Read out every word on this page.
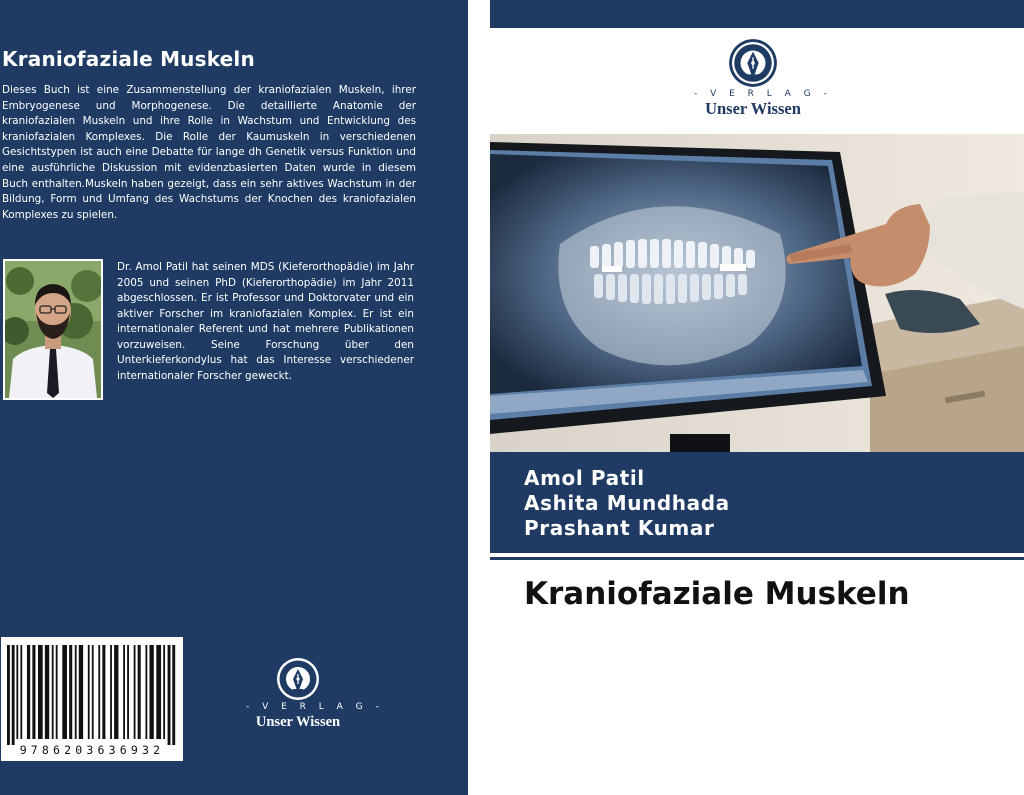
Kraniofaziale Muskeln
Dieses Buch ist eine Zusammenstellung der kraniofazialen Muskeln, ihrer Embryogenese und Morphogenese. Die detaillierte Anatomie der kraniofazialen Muskeln und ihre Rolle in Wachstum und Entwicklung des kraniofazialen Komplexes. Die Rolle der Kaumuskeln in verschiedenen Gesichtstypen ist auch eine Debatte für lange dh Genetik versus Funktion und eine ausführliche Diskussion mit evidenzbasierten Daten wurde in diesem Buch enthalten.Muskeln haben gezeigt, dass ein sehr aktives Wachstum in der Bildung, Form und Umfang des Wachstums der Knochen des kraniofazialen Komplexes zu spielen.
Dr. Amol Patil hat seinen MDS (Kieferorthopädie) im Jahr 2005 und seinen PhD (Kieferorthopädie) im Jahr 2011 abgeschlossen. Er ist Professor und Doktorvater und ein aktiver Forscher im kraniofazialen Komplex. Er ist ein internationaler Referent und hat mehrere Publikationen vorzuweisen. Seine Forschung über den Unterkieferkondylus hat das Interesse verschiedener internationaler Forscher geweckt.
9786203636932
- V E R L A G -
Unser Wissen
- V E R L A G -
Unser Wissen
Amol Patil
Ashita Mundhada
Prashant Kumar
Kraniofaziale Muskeln
